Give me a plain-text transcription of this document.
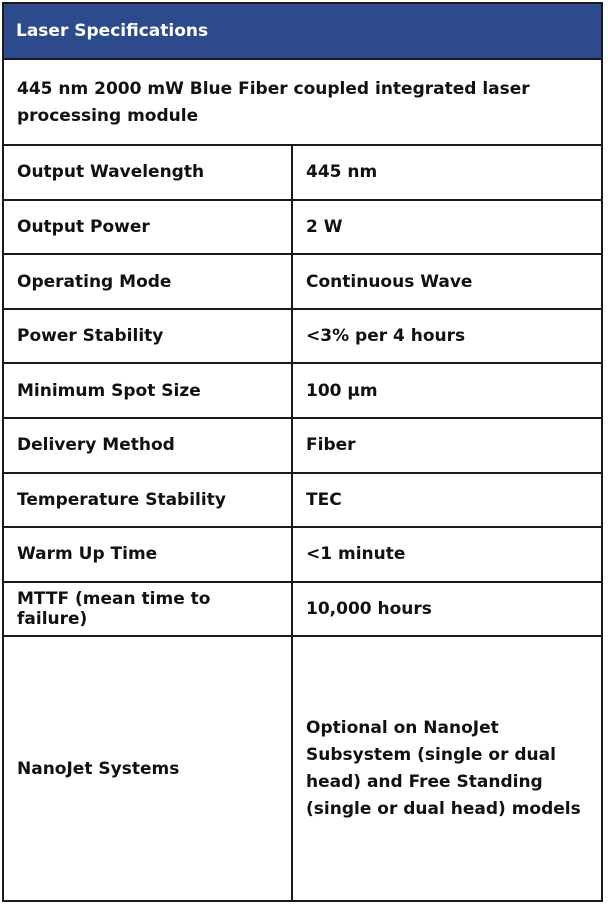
Laser Specifications	
445 nm 2000 mW Blue Fiber coupled integrated laser processing module	
Output Wavelength	445 nm
Output Power	2 W
Operating Mode	Continuous Wave
Power Stability	<3% per 4 hours
Minimum Spot Size	100 µm
Delivery Method	Fiber
Temperature Stability	TEC
Warm Up Time	<1 minute
MTTF (mean time to failure)	10,000 hours
NanoJet Systems	Optional on NanoJet Subsystem (single or dual head) and Free Standing (single or dual head) models
